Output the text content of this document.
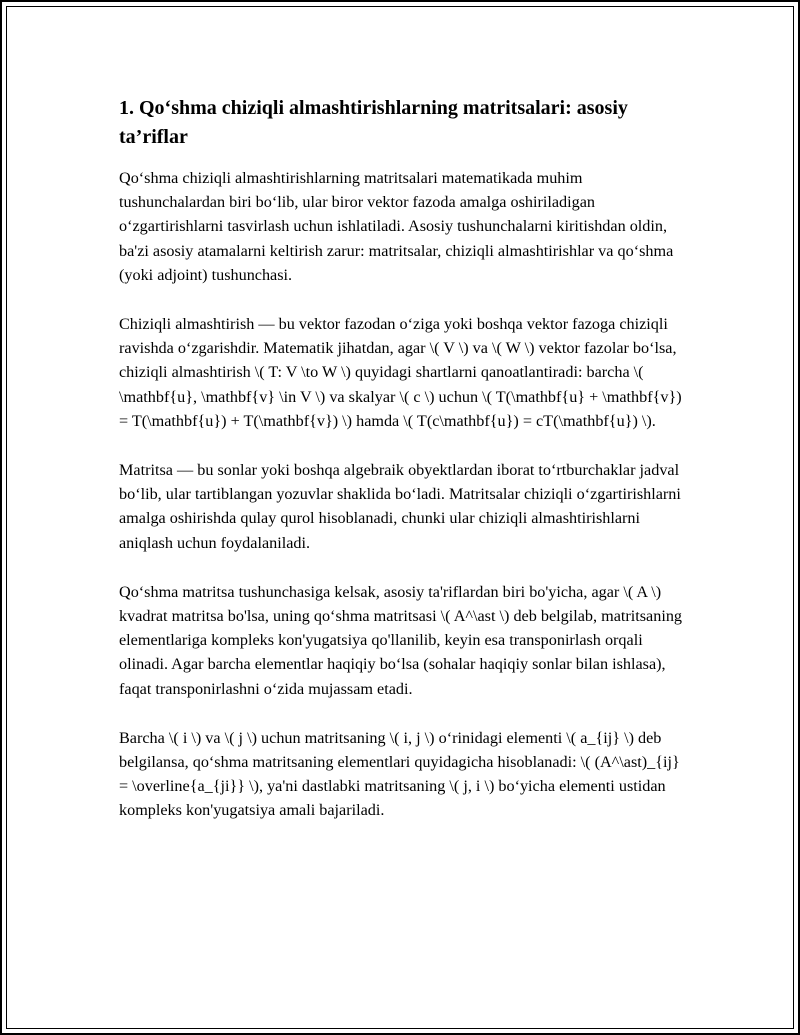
1. Qo‘shma chiziqli almashtirishlarning matritsalari: asosiy ta’riflar

Qo‘shma chiziqli almashtirishlarning matritsalari matematikada muhim tushunchalardan biri bo‘lib, ular biror vektor fazoda amalga oshiriladigan o‘zgartirishlarni tasvirlash uchun ishlatiladi. Asosiy tushunchalarni kiritishdan oldin, ba'zi asosiy atamalarni keltirish zarur: matritsalar, chiziqli almashtirishlar va qo‘shma (yoki adjoint) tushunchasi.

Chiziqli almashtirish — bu vektor fazodan o‘ziga yoki boshqa vektor fazoga chiziqli ravishda o‘zgarishdir. Matematik jihatdan, agar \( V \) va \( W \) vektor fazolar bo‘lsa, chiziqli almashtirish \( T: V \to W \) quyidagi shartlarni qanoatlantiradi: barcha \( \mathbf{u}, \mathbf{v} \in V \) va skalyar \( c \) uchun \( T(\mathbf{u} + \mathbf{v}) = T(\mathbf{u}) + T(\mathbf{v}) \) hamda \( T(c\mathbf{u}) = cT(\mathbf{u}) \).

Matritsa — bu sonlar yoki boshqa algebraik obyektlardan iborat to‘rtburchaklar jadval bo‘lib, ular tartiblangan yozuvlar shaklida bo‘ladi. Matritsalar chiziqli o‘zgartirishlarni amalga oshirishda qulay qurol hisoblanadi, chunki ular chiziqli almashtirishlarni aniqlash uchun foydalaniladi.

Qo‘shma matritsa tushunchasiga kelsak, asosiy ta'riflardan biri bo'yicha, agar \( A \) kvadrat matritsa bo'lsa, uning qo‘shma matritsasi \( A^\ast \) deb belgilab, matritsaning elementlariga kompleks kon'yugatsiya qo'llanilib, keyin esa transponirlash orqali olinadi. Agar barcha elementlar haqiqiy bo‘lsa (sohalar haqiqiy sonlar bilan ishlasa), faqat transponirlashni o‘zida mujassam etadi.

Barcha \( i \) va \( j \) uchun matritsaning \( i, j \) o‘rinidagi elementi \( a_{ij} \) deb belgilansa, qo‘shma matritsaning elementlari quyidagicha hisoblanadi: \( (A^\ast)_{ij} = \overline{a_{ji}} \), ya'ni dastlabki matritsaning \( j, i \) bo‘yicha elementi ustidan kompleks kon'yugatsiya amali bajariladi.
